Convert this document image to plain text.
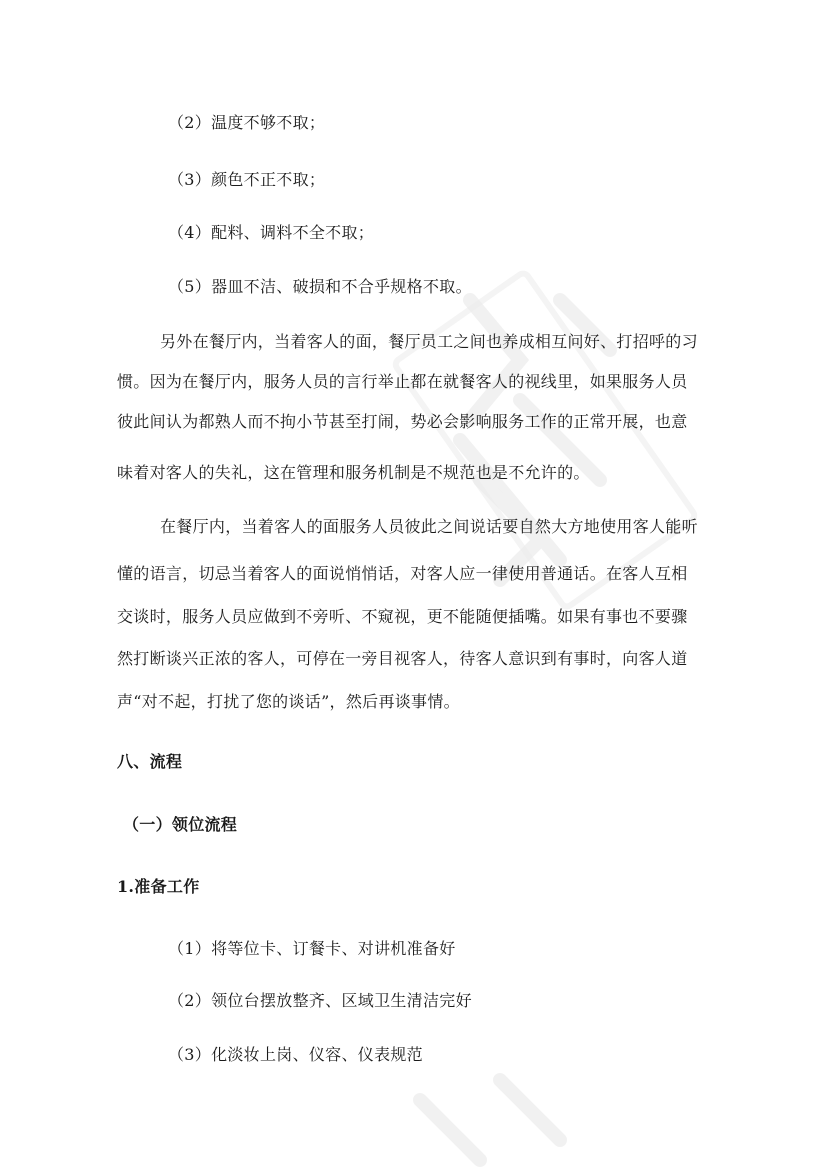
（2）温度不够不取；
（3）颜色不正不取；
（4）配料、调料不全不取；
（5）器皿不洁、破损和不合乎规格不取。
另外在餐厅内，当着客人的面，餐厅员工之间也养成相互问好、打招呼的习
惯。因为在餐厅内，服务人员的言行举止都在就餐客人的视线里，如果服务人员
彼此间认为都熟人而不拘小节甚至打闹，势必会影响服务工作的正常开展，也意
味着对客人的失礼，这在管理和服务机制是不规范也是不允许的。
在餐厅内，当着客人的面服务人员彼此之间说话要自然大方地使用客人能听
懂的语言，切忌当着客人的面说悄悄话，对客人应一律使用普通话。在客人互相
交谈时，服务人员应做到不旁听、不窥视，更不能随便插嘴。如果有事也不要骤
然打断谈兴正浓的客人，可停在一旁目视客人，待客人意识到有事时，向客人道
声“对不起，打扰了您的谈话”，然后再谈事情。
八、流程
（一）领位流程
1.准备工作
（1）将等位卡、订餐卡、对讲机准备好
（2）领位台摆放整齐、区域卫生清洁完好
（3）化淡妆上岗、仪容、仪表规范
